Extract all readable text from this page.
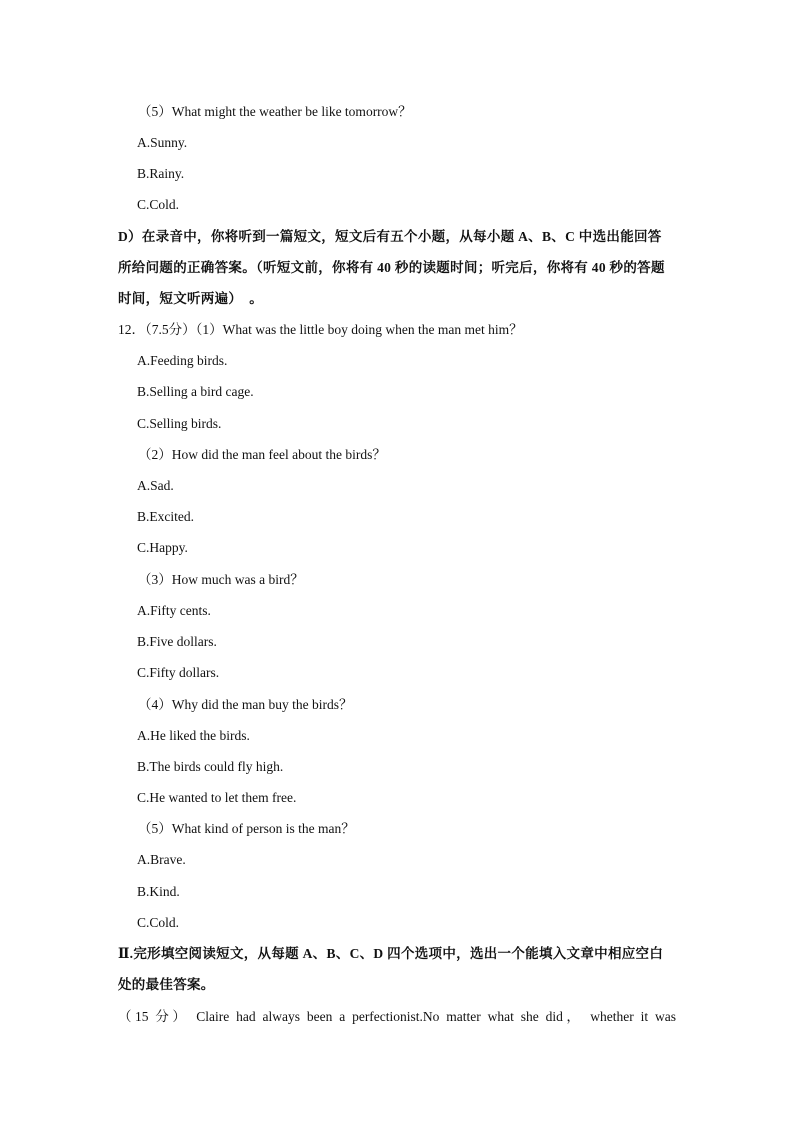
（5）What might the weather be like tomorrow？
A.Sunny.
B.Rainy.
C.Cold.
D）在录音中，你将听到一篇短文，短文后有五个小题，从每小题 A、B、C 中选出能回答
所给问题的正确答案。（听短文前，你将有 40 秒的读题时间；听完后，你将有 40 秒的答题
时间，短文听两遍）　。
12．（7.5分）（1）What was the little boy doing when the man met him？
A.Feeding birds.
B.Selling a bird cage.
C.Selling birds.
（2）How did the man feel about the birds？
A.Sad.
B.Excited.
C.Happy.
（3）How much was a bird？
A.Fifty cents.
B.Five dollars.
C.Fifty dollars.
（4）Why did the man buy the birds？
A.He liked the birds.
B.The birds could fly high.
C.He wanted to let them free.
（5）What kind of person is the man？
A.Brave.
B.Kind.
C.Cold.
Ⅱ.完形填空阅读短文，从每题 A、B、C、D 四个选项中，选出一个能填入文章中相应空白
处的最佳答案。
（15 分） Claire had always been a perfectionist.No matter what she did， whether it was
